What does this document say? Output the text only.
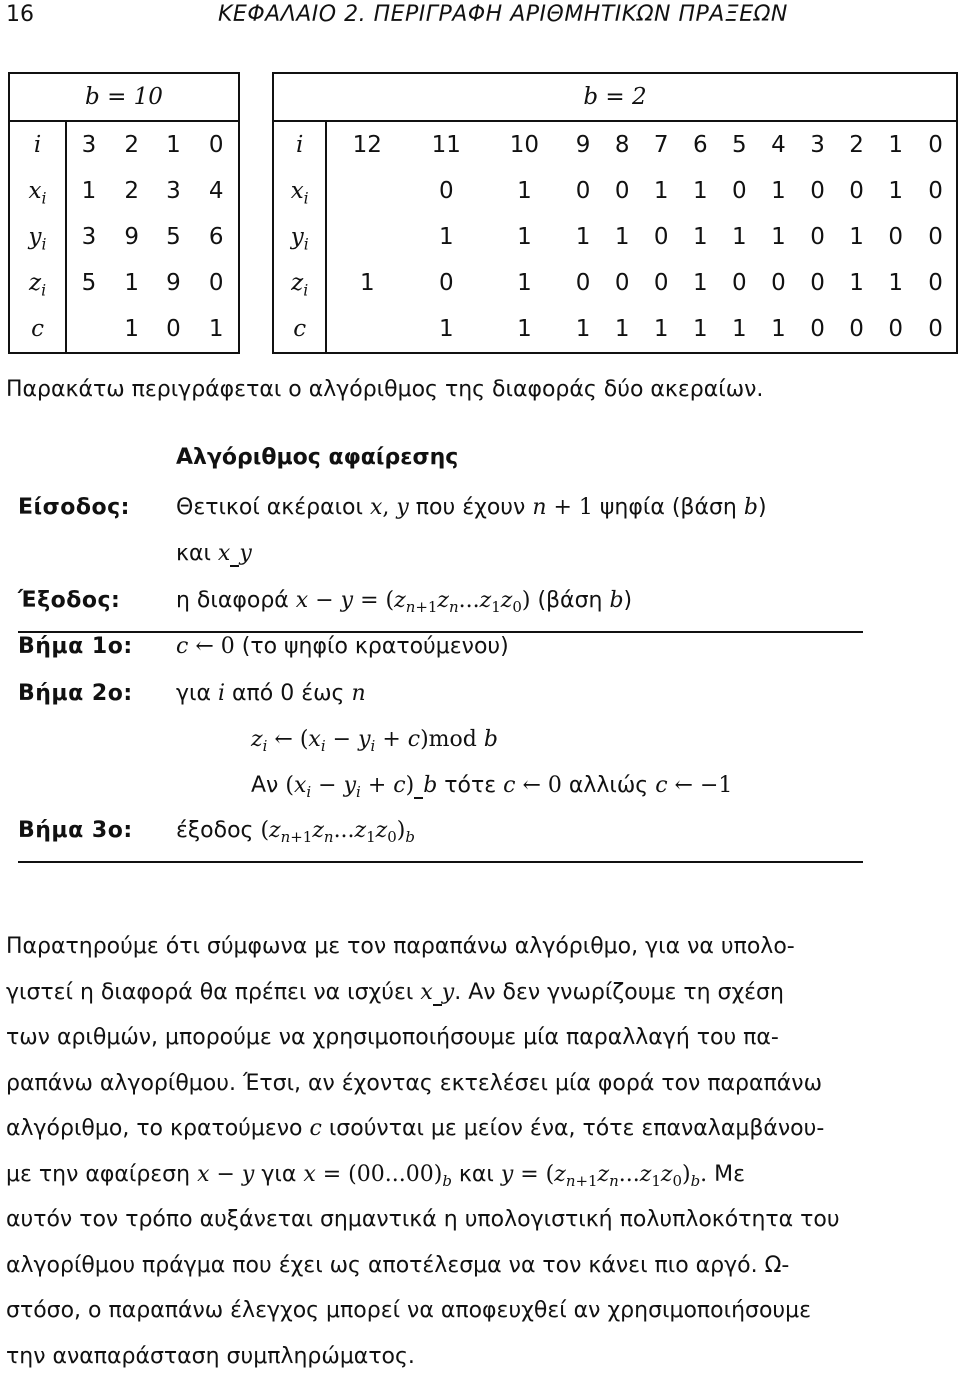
16	ΚΕΦΑΛΑΙΟ 2. ΠΕΡΙΓΡΑΦΗ ΑΡΙΘΜΗΤΙΚΩΝ ΠΡΑΞΕΩΝ
b = 10				
i	3	2	1	0
$x_i$	1	2	3	4
$y_i$	3	9	5	6
$z_i$	5	1	9	0
c		1	0	1
b = 2													
i	12	11	10	9	8	7	6	5	4	3	2	1	0
$x_i$		0	1	0	0	1	1	0	1	0	0	1	0
$y_i$		1	1	1	1	0	1	1	1	0	1	0	0
$z_i$	1	0	1	0	0	0	1	0	0	0	1	1	0
c		1	1	1	1	1	1	1	1	0	0	0	0
Παρακάτω περιγράφεται ο αλγόριθμος της διαφοράς δύο ακεραίων.
Αλγόριθμος αφαίρεσης
Είσοδος: Θετικοί ακέραιοι x, y που έχουν n + 1 ψηφία (βάση b)
και x y
Έξοδος:	η διαφορά $x - y = (z_{n+1}z_n...z_1z_0)$ (βάση b)
Βήμα 1ο: c ← 0 (το ψηφίο κρατούμενου)
Βήμα 2ο: για i από 0 έως n
$z_i$ ← $(x_i - y_i + c)mod$ b
Αν $(x_i - y_i + c)$ b τότε c ← 0 αλλιώς c ← −1
Βήμα 3ο: έξοδος $(z_{n+1}z_n...z_1z_0)_b$
Παρατηρούμε ότι σύμφωνα με τον παραπάνω αλγόριθμο, για να υπολο-
γιστεί η διαφορά θα πρέπει να ισχύει x y. Αν δεν γνωρίζουμε τη σχέση
των αριθμών, μπορούμε να χρησιμοποιήσουμε μία παραλλαγή του πα-
ραπάνω αλγορίθμου. Έτσι, αν έχοντας εκτελέσει μία φορά τον παραπάνω
αλγόριθμο, το κρατούμενο c ισούνται με μείον ένα, τότε επαναλαμβάνου-
με την αφαίρεση x − y για $x = (00...00)_b$ και $y = (z_{n+1}z_n...z_1z_0)_b$. Με
αυτόν τον τρόπο αυξάνεται σημαντικά η υπολογιστική πολυπλοκότητα του
αλγορίθμου πράγμα που έχει ως αποτέλεσμα να τον κάνει πιο αργό. Ω-
στόσο, ο παραπάνω έλεγχος μπορεί να αποφευχθεί αν χρησιμοποιήσουμε
την αναπαράσταση συμπληρώματος.
